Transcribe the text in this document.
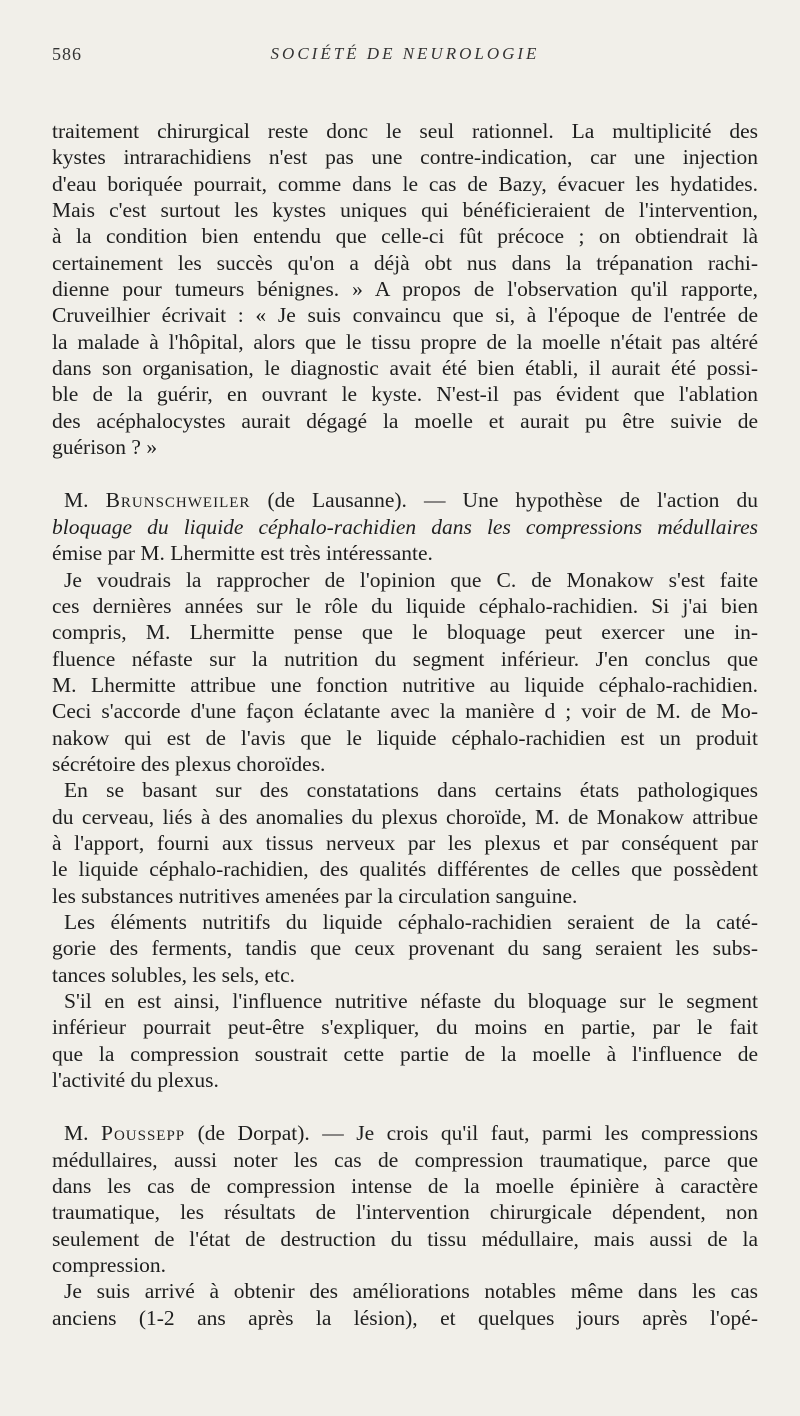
586	SOCIÉTÉ DE NEUROLOGIE
traitement chirurgical reste donc le seul rationnel. La multiplicité des
kystes intrarachidiens n'est pas une contre-indication, car une injection
d'eau boriquée pourrait, comme dans le cas de Bazy, évacuer les hydatides.
Mais c'est surtout les kystes uniques qui bénéficieraient de l'intervention,
à la condition bien entendu que celle-ci fût précoce ; on obtiendrait là
certainement les succès qu'on a déjà obt nus dans la trépanation rachi-
dienne pour tumeurs bénignes. » A propos de l'observation qu'il rapporte,
Cruveilhier écrivait : « Je suis convaincu que si, à l'époque de l'entrée de
la malade à l'hôpital, alors que le tissu propre de la moelle n'était pas altéré
dans son organisation, le diagnostic avait été bien établi, il aurait été possi-
ble de la guérir, en ouvrant le kyste. N'est-il pas évident que l'ablation
des acéphalocystes aurait dégagé la moelle et aurait pu être suivie de
guérison ? »
M. Brunschweiler (de Lausanne). — Une hypothèse de l'action du
bloquage du liquide céphalo-rachidien dans les compressions médullaires
émise par M. Lhermitte est très intéressante.
Je voudrais la rapprocher de l'opinion que C. de Monakow s'est faite
ces dernières années sur le rôle du liquide céphalo-rachidien. Si j'ai bien
compris, M. Lhermitte pense que le bloquage peut exercer une in-
fluence néfaste sur la nutrition du segment inférieur. J'en conclus que
M. Lhermitte attribue une fonction nutritive au liquide céphalo-rachidien.
Ceci s'accorde d'une façon éclatante avec la manière d ; voir de M. de Mo-
nakow qui est de l'avis que le liquide céphalo-rachidien est un produit
sécrétoire des plexus choroïdes.
En se basant sur des constatations dans certains états pathologiques
du cerveau, liés à des anomalies du plexus choroïde, M. de Monakow attribue
à l'apport, fourni aux tissus nerveux par les plexus et par conséquent par
le liquide céphalo-rachidien, des qualités différentes de celles que possèdent
les substances nutritives amenées par la circulation sanguine.
Les éléments nutritifs du liquide céphalo-rachidien seraient de la caté-
gorie des ferments, tandis que ceux provenant du sang seraient les subs-
tances solubles, les sels, etc.
S'il en est ainsi, l'influence nutritive néfaste du bloquage sur le segment
inférieur pourrait peut-être s'expliquer, du moins en partie, par le fait
que la compression soustrait cette partie de la moelle à l'influence de
l'activité du plexus.
M. Poussepp (de Dorpat). — Je crois qu'il faut, parmi les compressions
médullaires, aussi noter les cas de compression traumatique, parce que
dans les cas de compression intense de la moelle épinière à caractère
traumatique, les résultats de l'intervention chirurgicale dépendent, non
seulement de l'état de destruction du tissu médullaire, mais aussi de la
compression.
Je suis arrivé à obtenir des améliorations notables même dans les cas
anciens (1-2 ans après la lésion), et quelques jours après l'opé-
